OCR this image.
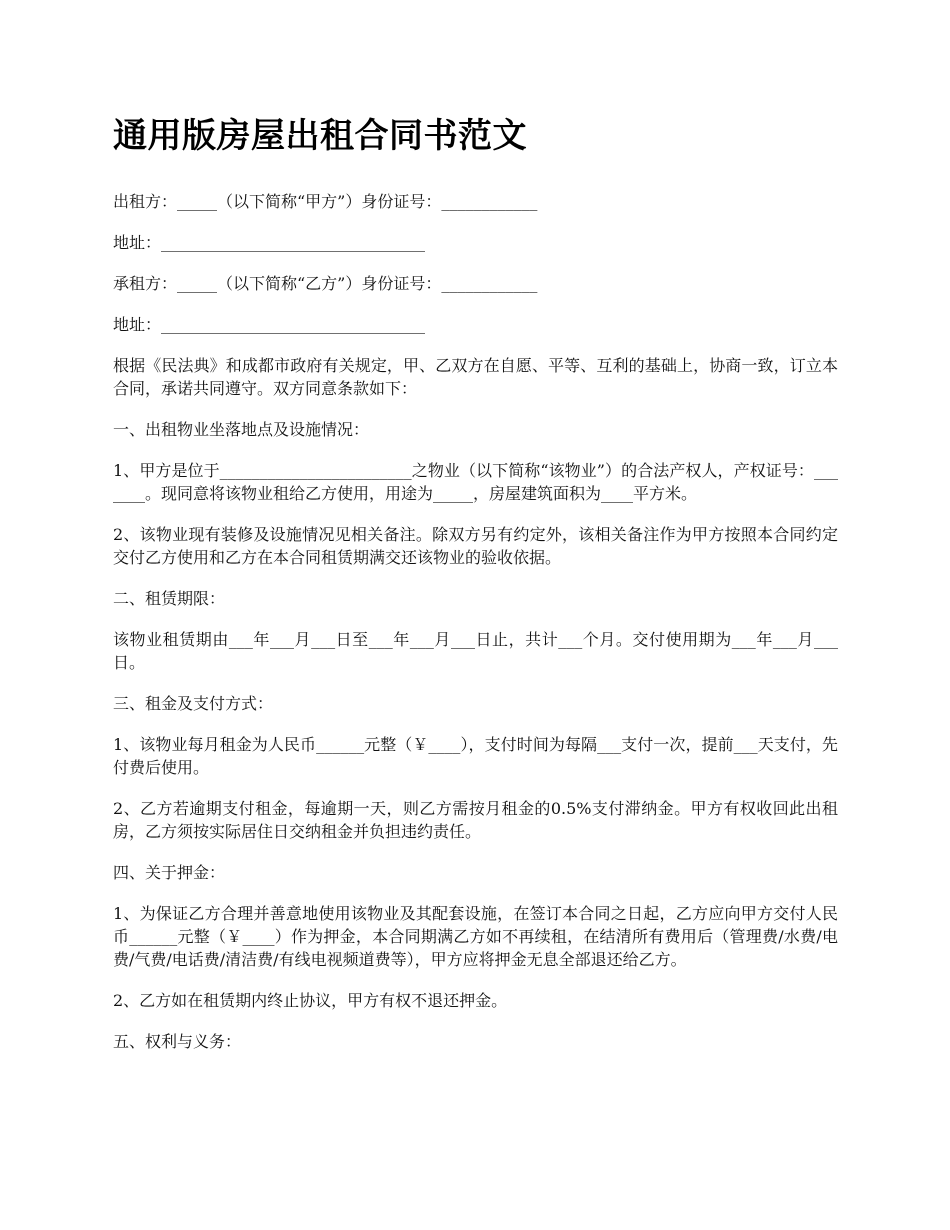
通用版房屋出租合同书范文

出租方：_____（以下简称“甲方”）身份证号：____________

地址：_________________________________

承租方：_____（以下简称“乙方”）身份证号：____________

地址：_________________________________

根据《民法典》和成都市政府有关规定，甲、乙双方在自愿、平等、互利的基础上，协商一致，订立本合同，承诺共同遵守。双方同意条款如下：

一、出租物业坐落地点及设施情况：

1、甲方是位于________________________之物业（以下简称“该物业”）的合法产权人，产权证号：_______。现同意将该物业租给乙方使用，用途为_____，房屋建筑面积为____平方米。

2、该物业现有装修及设施情况见相关备注。除双方另有约定外，该相关备注作为甲方按照本合同约定交付乙方使用和乙方在本合同租赁期满交还该物业的验收依据。

二、租赁期限：

该物业租赁期由___年___月___日至___年___月___日止，共计___个月。交付使用期为___年___月___日。

三、租金及支付方式：

1、该物业每月租金为人民币______元整（￥____），支付时间为每隔___支付一次，提前___天支付，先付费后使用。

2、乙方若逾期支付租金，每逾期一天，则乙方需按月租金的0.5%支付滞纳金。甲方有权收回此出租房，乙方须按实际居住日交纳租金并负担违约责任。

四、关于押金：

1、为保证乙方合理并善意地使用该物业及其配套设施，在签订本合同之日起，乙方应向甲方交付人民币______元整（￥____）作为押金，本合同期满乙方如不再续租，在结清所有费用后（管理费/水费/电费/气费/电话费/清洁费/有线电视频道费等），甲方应将押金无息全部退还给乙方。

2、乙方如在租赁期内终止协议，甲方有权不退还押金。

五、权利与义务：
